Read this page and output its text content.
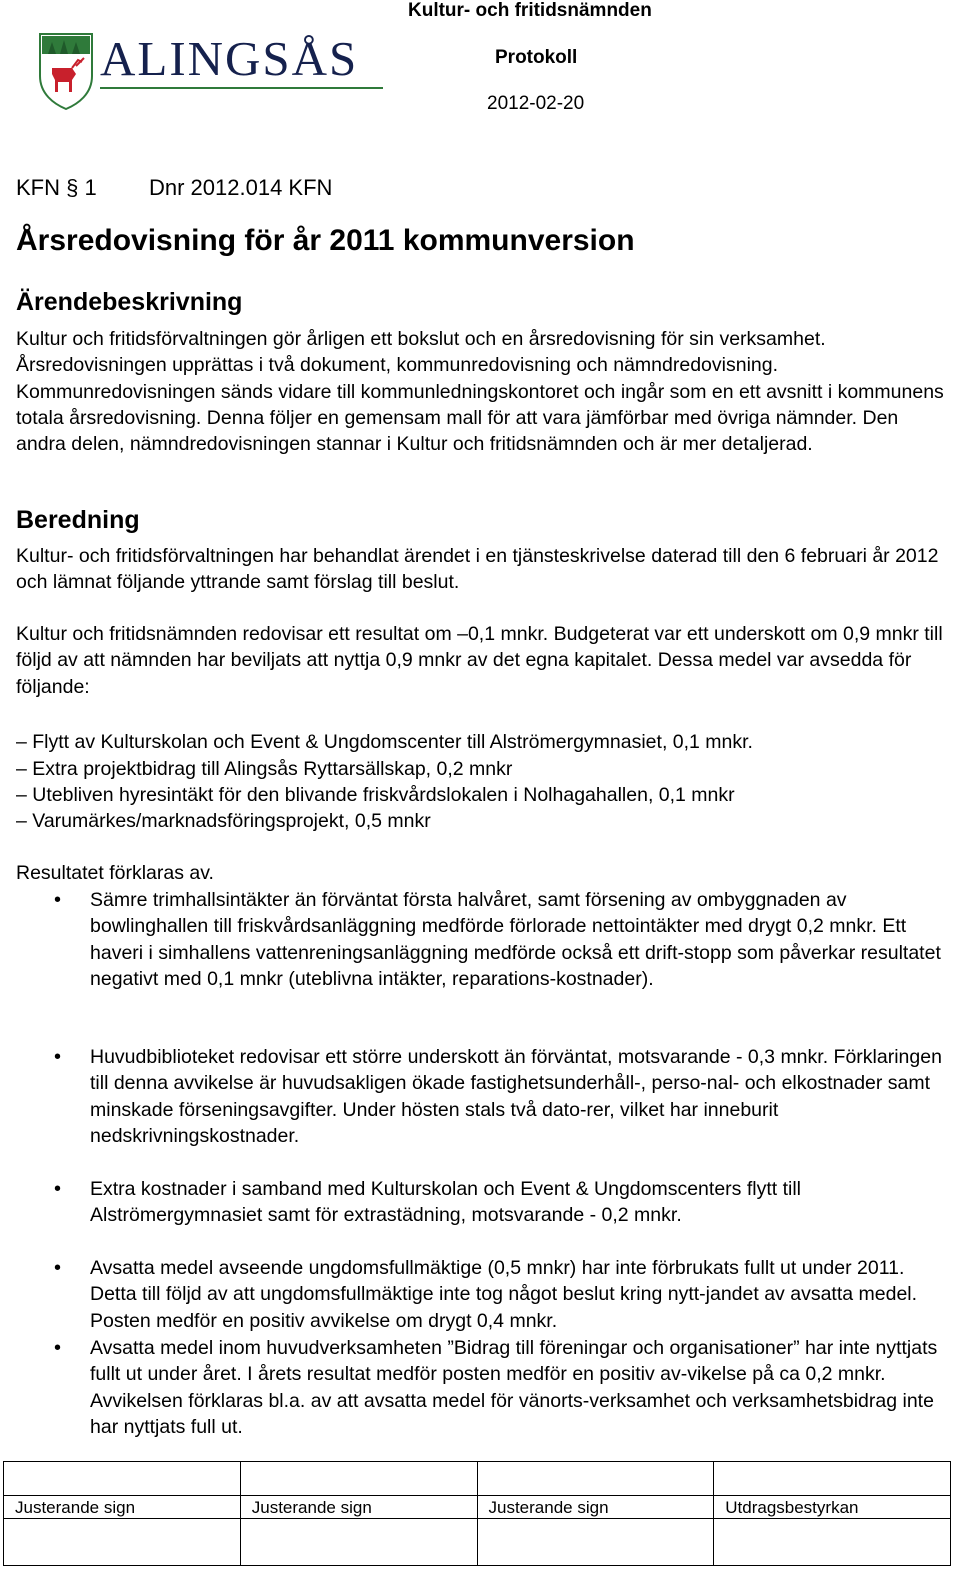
Kultur- och fritidsnämnden
Protokoll
2012-02-20
ALINGSÅS
KFN § 1 Dnr 2012.014 KFN
Årsredovisning för år 2011 kommunversion
Ärendebeskrivning

Kultur och fritidsförvaltningen gör årligen ett bokslut och en årsredovisning för sin verksamhet. Årsredovisningen upprättas i två dokument, kommunredovisning och nämndredovisning. Kommunredovisningen sänds vidare till kommunledningskontoret och ingår som en ett avsnitt i kommunens totala årsredovisning. Denna följer en gemensam mall för att vara jämförbar med övriga nämnder. Den andra delen, nämndredovisningen stannar i Kultur och fritidsnämnden och är mer detaljerad.

Beredning

Kultur- och fritidsförvaltningen har behandlat ärendet i en tjänsteskrivelse daterad till den 6 februari år 2012 och lämnat följande yttrande samt förslag till beslut.

Kultur och fritidsnämnden redovisar ett resultat om –0,1 mnkr. Budgeterat var ett underskott om 0,9 mnkr till följd av att nämnden har beviljats att nyttja 0,9 mnkr av det egna kapitalet. Dessa medel var avsedda för följande:

– Flytt av Kulturskolan och Event & Ungdomscenter till Alströmergymnasiet, 0,1 mnkr.
– Extra projektbidrag till Alingsås Ryttarsällskap, 0,2 mnkr
– Utebliven hyresintäkt för den blivande friskvårdslokalen i Nolhagahallen, 0,1 mnkr
– Varumärkes/marknadsföringsprojekt, 0,5 mnkr
Resultatet förklaras av.
• Sämre trimhallsintäkter än förväntat första halvåret, samt försening av ombyggnaden av bowlinghallen till friskvårdsanläggning medförde förlorade nettointäkter med drygt 0,2 mnkr. Ett haveri i simhallens vattenreningsanläggning medförde också ett drift-stopp som påverkar resultatet negativt med 0,1 mnkr (uteblivna intäkter, reparations-kostnader).

• Huvudbiblioteket redovisar ett större underskott än förväntat, motsvarande - 0,3 mnkr. Förklaringen till denna avvikelse är huvudsakligen ökade fastighetsunderhåll-, perso-nal- och elkostnader samt minskade förseningsavgifter. Under hösten stals två dato-rer, vilket har inneburit nedskrivningskostnader.

• Extra kostnader i samband med Kulturskolan och Event & Ungdomscenters flytt till Alströmergymnasiet samt för extrastädning, motsvarande - 0,2 mnkr.

• Avsatta medel avseende ungdomsfullmäktige (0,5 mnkr) har inte förbrukats fullt ut under 2011. Detta till följd av att ungdomsfullmäktige inte tog något beslut kring nytt-jandet av avsatta medel. Posten medför en positiv avvikelse om drygt 0,4 mnkr.

• Avsatta medel inom huvudverksamheten ”Bidrag till föreningar och organisationer” har inte nyttjats fullt ut under året. I årets resultat medför posten medför en positiv av-vikelse på ca 0,2 mnkr. Avvikelsen förklaras bl.a. av att avsatta medel för vänorts-verksamhet och verksamhetsbidrag inte har nyttjats full ut.

Justerande sign	Justerande sign	Justerande sign	Utdragsbestyrkan
